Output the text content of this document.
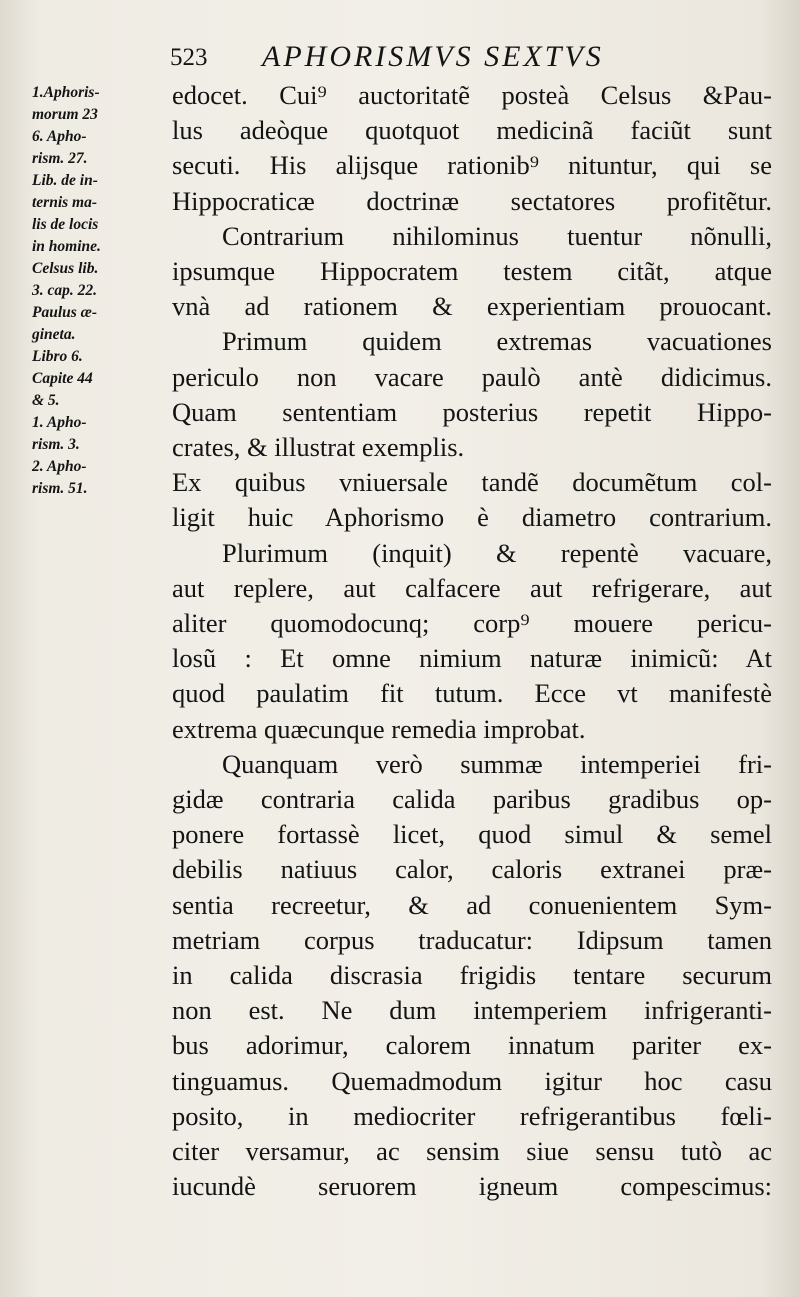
523 APHORISMVS SEXTVS
1.Aphoris-
morum 23
6. Apho-
rism. 27.
Lib. de in-
ternis ma-
lis de locis
in homine.
Celsus lib.
3. cap. 22.
Paulus æ-
gineta.
Libro 6.
Capite 44
& 5.
1. Apho-
rism. 3.
2. Apho-
rism. 51.
edocet. Cui⁹ auctoritatẽ posteà Celsus &Pau-
lus adeòque quotquot medicinã faciũt sunt
secuti. His alijsque rationib⁹ nituntur, qui se
Hippocraticæ doctrinæ sectatores profitẽtur.
Contrarium nihilominus tuentur nõnulli,
ipsumque Hippocratem testem citãt, atque
vnà ad rationem & experientiam prouocant.
Primum quidem extremas vacuationes
periculo non vacare paulò antè didicimus.
Quam sententiam posterius repetit Hippo-
crates, & illustrat exemplis.
Ex quibus vniuersale tandẽ documẽtum col-
ligit huic Aphorismo è diametro contrarium.
Plurimum (inquit) & repentè vacuare,
aut replere, aut calfacere aut refrigerare, aut
aliter quomodocunq; corp⁹ mouere pericu-
losũ : Et omne nimium naturæ inimicũ: At
quod paulatim fit tutum. Ecce vt manifestè
extrema quæcunque remedia improbat.
Quanquam verò summæ intemperiei fri-
gidæ contraria calida paribus gradibus op-
ponere fortassè licet, quod simul & semel
debilis natiuus calor, caloris extranei præ-
sentia recreetur, & ad conuenientem Sym-
metriam corpus traducatur: Idipsum tamen
in calida discrasia frigidis tentare securum
non est. Ne dum intemperiem infrigeranti-
bus adorimur, calorem innatum pariter ex-
tinguamus. Quemadmodum igitur hoc casu
posito, in mediocriter refrigerantibus fœli-
citer versamur, ac sensim siue sensu tutò ac
iucundè seruorem igneum compescimus:
